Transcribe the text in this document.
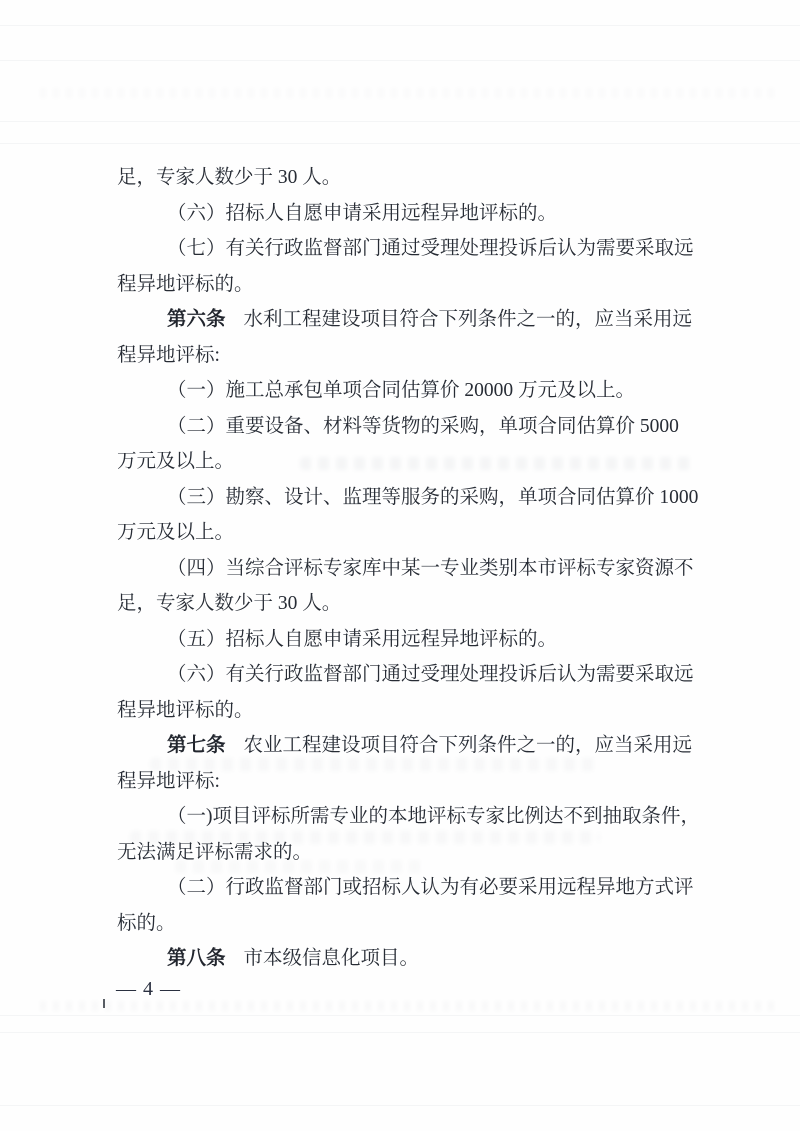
足，专家人数少于 30 人。
（六）招标人自愿申请采用远程异地评标的。
（七）有关行政监督部门通过受理处理投诉后认为需要采取远
程异地评标的。
第六条 水利工程建设项目符合下列条件之一的，应当采用远
程异地评标:
（一）施工总承包单项合同估算价 20000 万元及以上。
（二）重要设备、材料等货物的采购，单项合同估算价 5000
万元及以上。
（三）勘察、设计、监理等服务的采购，单项合同估算价 1000
万元及以上。
（四）当综合评标专家库中某一专业类别本市评标专家资源不
足，专家人数少于 30 人。
（五）招标人自愿申请采用远程异地评标的。
（六）有关行政监督部门通过受理处理投诉后认为需要采取远
程异地评标的。
第七条 农业工程建设项目符合下列条件之一的，应当采用远
程异地评标:
（一)项目评标所需专业的本地评标专家比例达不到抽取条件，
无法满足评标需求的。
（二）行政监督部门或招标人认为有必要采用远程异地方式评
标的。
第八条 市本级信息化项目。
— 4 —
